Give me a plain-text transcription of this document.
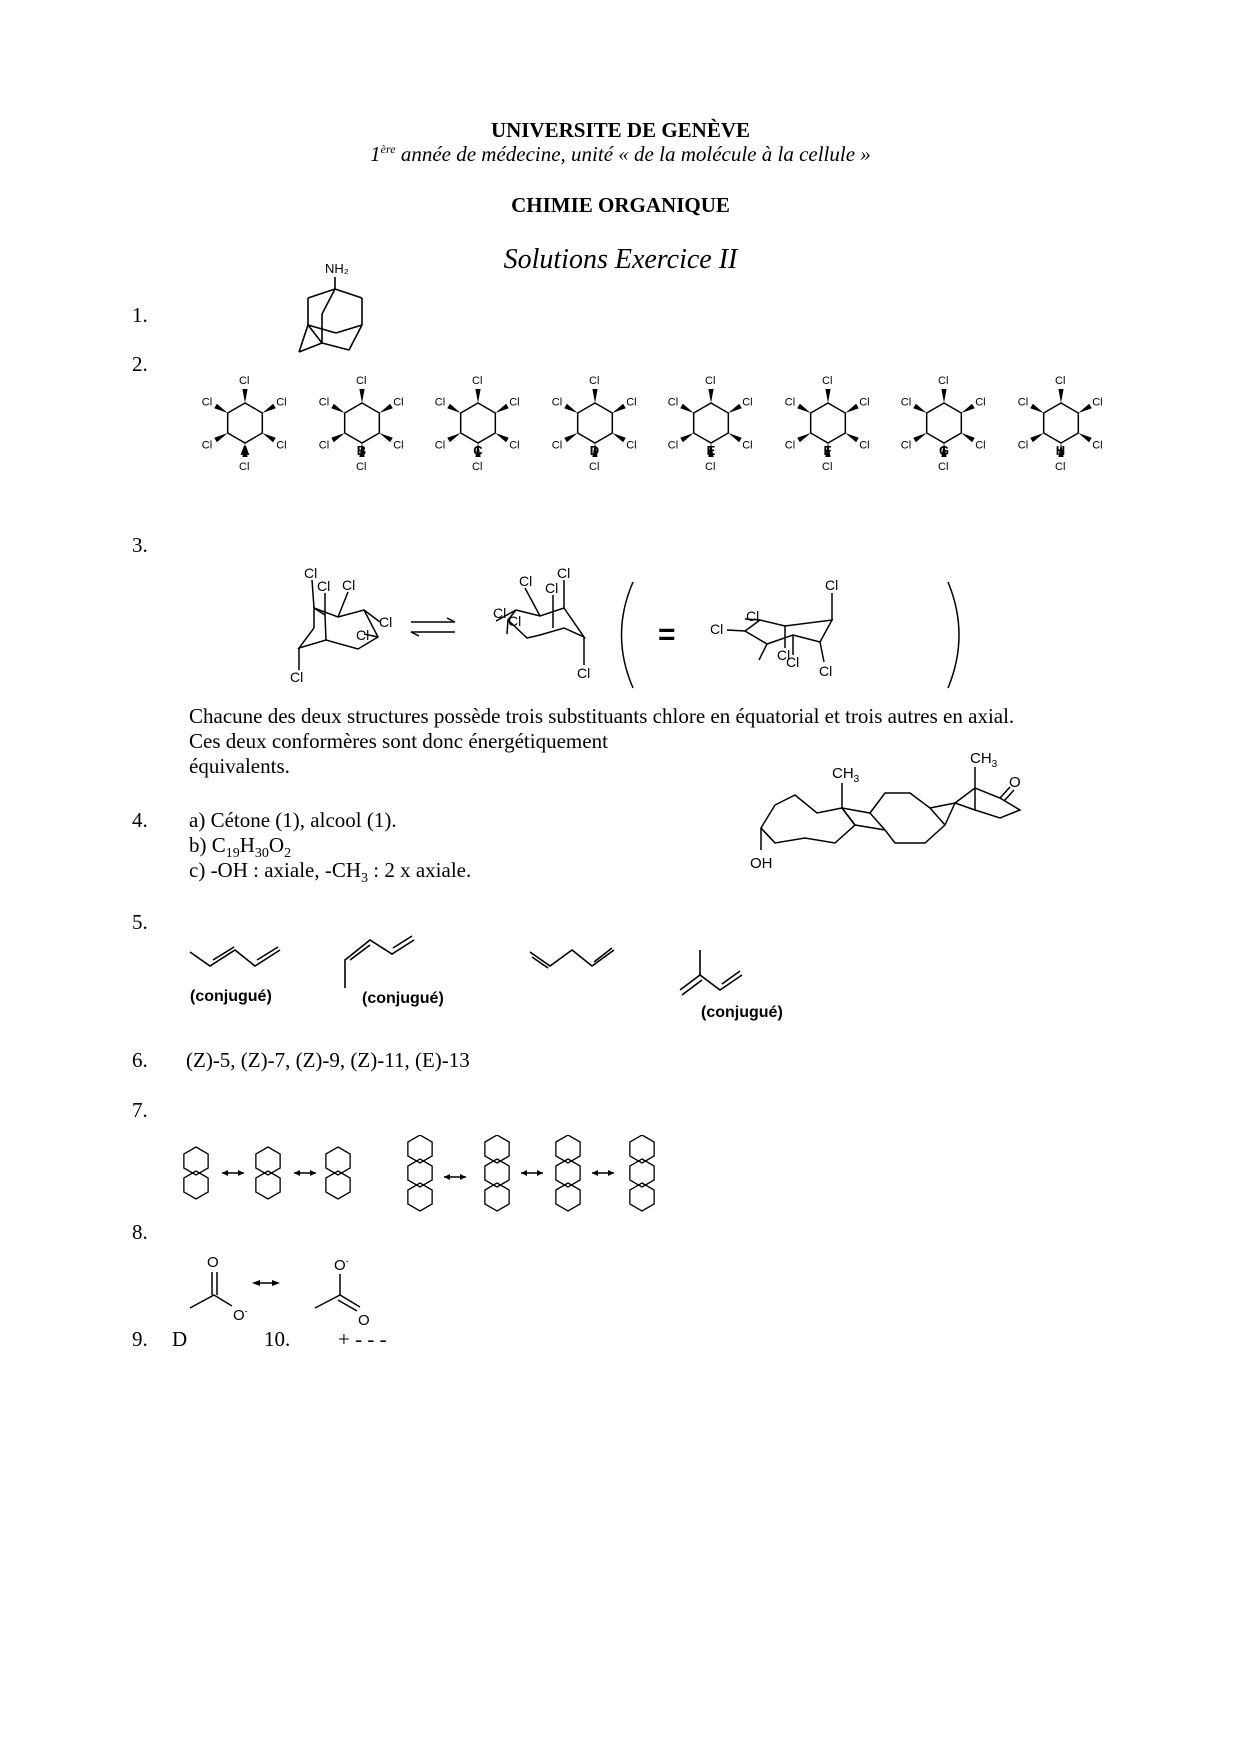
UNIVERSITE DE GENÈVE
1ère année de médecine, unité « de la molécule à la cellule »
CHIMIE ORGANIQUE
Solutions Exercice II
1.
NH₂
2.
Cl
Cl
Cl
Cl
Cl
Cl
A
Cl
Cl
Cl
Cl
Cl
Cl
B
Cl
Cl
Cl
Cl
Cl
Cl
C
Cl
Cl
Cl
Cl
Cl
Cl
D
Cl
Cl
Cl
Cl
Cl
Cl
E
Cl
Cl
Cl
Cl
Cl
Cl
F
Cl
Cl
Cl
Cl
Cl
Cl
G
Cl
Cl
Cl
Cl
Cl
Cl
H
3.
Cl
Cl Cl
Cl
Cl
Cl
Cl Cl
Cl Cl
Cl
Cl
Cl
Cl
Cl
Cl
Cl
Cl
=
Chacune des deux structures possède trois substituants chlore en équatorial et trois autres en axial.
Ces deux conformères sont donc énergétiquement
équivalents.
4. a) Cétone (1), alcool (1).
b) $C_{19}H_{30}O_2$
c) -OH : axiale, $-CH_3$ : 2 x axiale.
$CH_3$
$CH_3$
O
OH
5.
(conjugué)	(conjugué)
(conjugué)
6. (Z)-5, (Z)-7, (Z)-9, (Z)-11, (E)-13
7.
8.
O
O-
O-
O
9. D	10. + - - -
